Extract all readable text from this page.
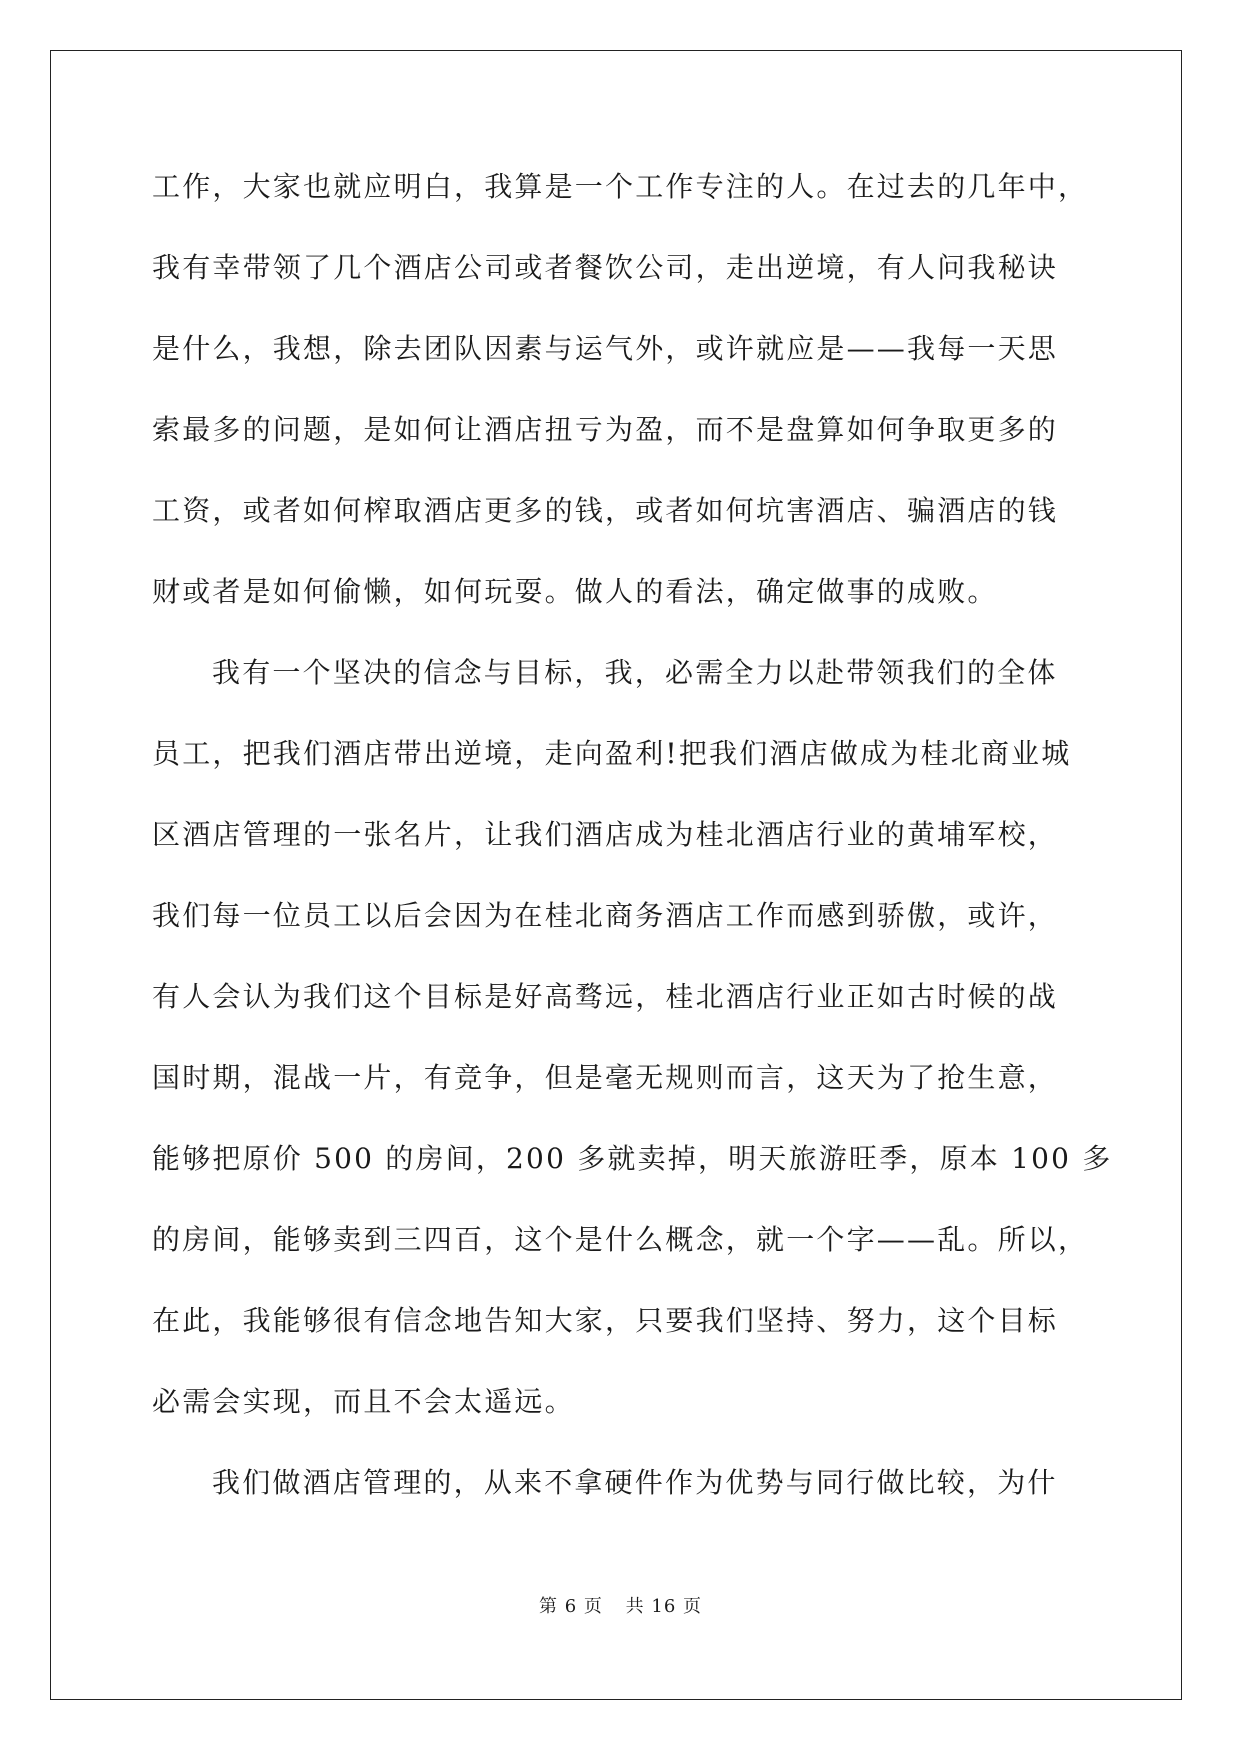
工作，大家也就应明白，我算是一个工作专注的人。在过去的几年中，
我有幸带领了几个酒店公司或者餐饮公司，走出逆境，有人问我秘诀
是什么，我想，除去团队因素与运气外，或许就应是——我每一天思
索最多的问题，是如何让酒店扭亏为盈，而不是盘算如何争取更多的
工资，或者如何榨取酒店更多的钱，或者如何坑害酒店、骗酒店的钱
财或者是如何偷懒，如何玩耍。做人的看法，确定做事的成败。
我有一个坚决的信念与目标，我，必需全力以赴带领我们的全体
员工，把我们酒店带出逆境，走向盈利!把我们酒店做成为桂北商业城
区酒店管理的一张名片，让我们酒店成为桂北酒店行业的黄埔军校，
我们每一位员工以后会因为在桂北商务酒店工作而感到骄傲，或许，
有人会认为我们这个目标是好高骛远，桂北酒店行业正如古时候的战
国时期，混战一片，有竞争，但是毫无规则而言，这天为了抢生意，
能够把原价 500 的房间，200 多就卖掉，明天旅游旺季，原本 100 多
的房间，能够卖到三四百，这个是什么概念，就一个字——乱。所以，
在此，我能够很有信念地告知大家，只要我们坚持、努力，这个目标
必需会实现，而且不会太遥远。
我们做酒店管理的，从来不拿硬件作为优势与同行做比较，为什
第 6 页 共 16 页
